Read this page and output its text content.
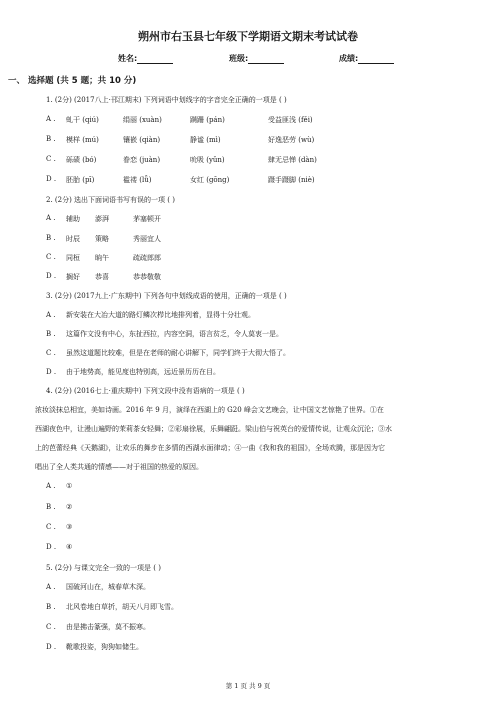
朔州市右玉县七年级下学期语文期末考试试卷
姓名:	班级:	成绩:
一、 选择题 (共 5 题；共 10 分)
1. (2分) (2017八上·邗江期末) 下列词语中划线字的字音完全正确的一项是 ( )
A . 虬干 (qiú)	绢丽 (xuàn)	蹒跚 (pán)	受益匪浅 (fěi)
B . 模样 (mú)	镶嵌 (qiàn)	静谧 (mì)	好逸恶劳 (wù)
C . 砾碛 (bó)	眷恋 (juàn)	吮吸 (yǔn)	肆无忌惮 (dàn)
D . 胚胎 (pī)	褴褛 (lǚ)	女红 (gōng)	蹑手蹑脚 (niè)
2. (2分) 选出下面词语书写有误的一项 ( )
A . 辅助 澎湃	茅塞顿开
B . 时辰 策略	秀丽宜人
C . 同桓 晌午	疏疏郎郎
D . 搁好 恭喜	恭恭敬敬
3. (2分) (2017九上·广东期中) 下列各句中划线成语的使用，正确的一项是 ( )
A . 新安装在大冶大道的路灯鳞次栉比地排列着，显得十分壮观。
B . 这篇作文没有中心，东扯西拉，内容空洞，语言贫乏，令人莫衷一是。
C . 虽然这道题比较难，但是在老师的耐心讲解下，同学们终于大彻大悟了。
D . 由于地势高，能见度也特别高，远近景历历在目。
4. (2分) (2016七上·重庆期中) 下列文段中没有语病的一项是 ( )
浓妆淡抹总相宜，美如诗画。2016 年 9 月，演绎在西湖上的 G20 峰会文艺晚会，让中国文艺惊艳了世界。①在
西湖夜色中，让漫山遍野的茉莉茶女轻舞；②彩扇徐展，乐舞翩跹。梁山伯与祝英台的爱情传说，让观众沉沦；③水
上的芭蕾经典《天鹅湖》，让欢乐的舞步在多情的西湖水面律动；④一曲《我和我的祖国》，全场欢腾，那是因为它
唱出了全人类共通的情感——对于祖国的热爱的原因。
A . ①
B . ②
C . ③
D . ④
5. (2分) 与课文完全一致的一项是 ( )
A . 国破河山在，城春草木深。
B . 北风卷地白草折，胡天八月即飞雪。
C . 由是拂击篆强，莫不振寒。
D . 靴歌投姿，狗狗如储生。
第 1 页 共 9 页
